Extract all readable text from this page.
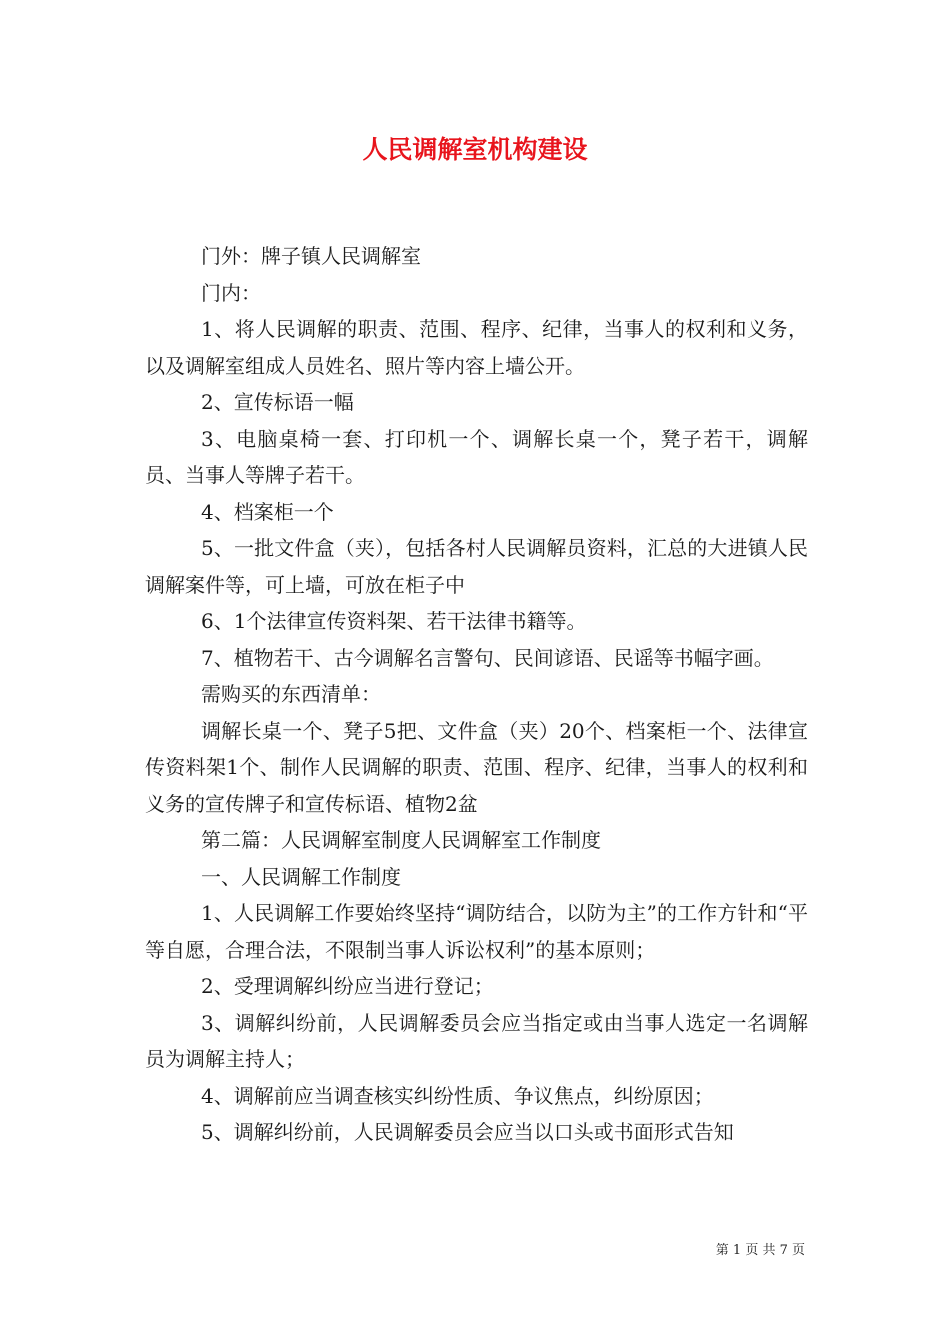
人民调解室机构建设

门外：牌子镇人民调解室

门内：

1、将人民调解的职责、范围、程序、纪律，当事人的权利和义务，以及调解室组成人员姓名、照片等内容上墙公开。

2、宣传标语一幅

3、电脑桌椅一套、打印机一个、调解长桌一个，凳子若干，调解员、当事人等牌子若干。

4、档案柜一个

5、一批文件盒（夹），包括各村人民调解员资料，汇总的大进镇人民调解案件等，可上墙，可放在柜子中

6、1个法律宣传资料架、若干法律书籍等。

7、植物若干、古今调解名言警句、民间谚语、民谣等书幅字画。

需购买的东西清单：

调解长桌一个、凳子5把、文件盒（夹）20个、档案柜一个、法律宣传资料架1个、制作人民调解的职责、范围、程序、纪律，当事人的权利和义务的宣传牌子和宣传标语、植物2盆

第二篇：人民调解室制度人民调解室工作制度

一、人民调解工作制度

1、人民调解工作要始终坚持“调防结合，以防为主”的工作方针和“平等自愿，合理合法，不限制当事人诉讼权利”的基本原则；

2、受理调解纠纷应当进行登记；

3、调解纠纷前，人民调解委员会应当指定或由当事人选定一名调解员为调解主持人；

4、调解前应当调查核实纠纷性质、争议焦点，纠纷原因；

5、调解纠纷前，人民调解委员会应当以口头或书面形式告知

第 1 页 共 7 页
